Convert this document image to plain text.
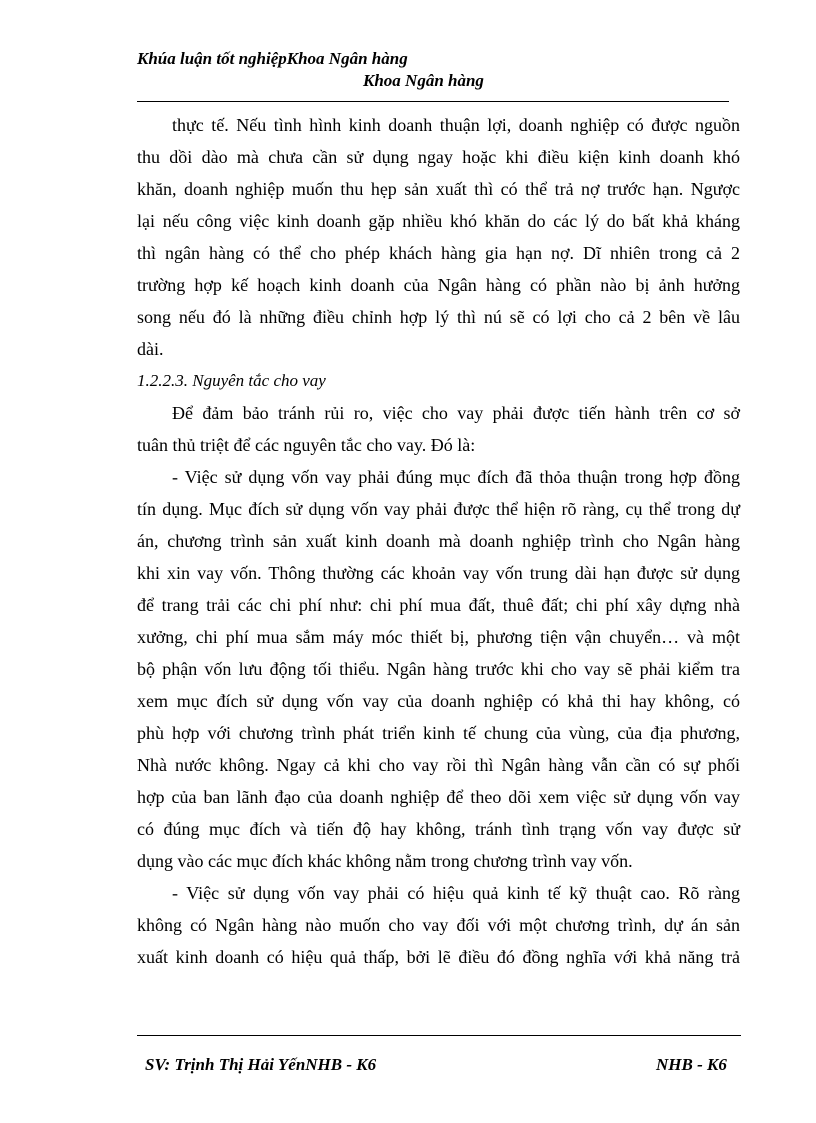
Khúa luận tốt nghiệpKhoa Ngân hàng
Khoa Ngân hàng
thực tế. Nếu tình hình kinh doanh thuận lợi, doanh nghiệp có được nguồn
thu dồi dào mà chưa cần sử dụng ngay hoặc khi điều kiện kinh doanh khó
khăn, doanh nghiệp muốn thu hẹp sản xuất thì có thể trả nợ trước hạn. Ngược
lại nếu công việc kinh doanh gặp nhiều khó khăn do các lý do bất khả kháng
thì ngân hàng có thể cho phép khách hàng gia hạn nợ. Dĩ nhiên trong cả 2
trường hợp kế hoạch kinh doanh của Ngân hàng có phần nào bị ảnh hưởng
song nếu đó là những điều chỉnh hợp lý thì nú sẽ có lợi cho cả 2 bên về lâu
dài.
1.2.2.3. Nguyên tắc cho vay
Để đảm bảo tránh rủi ro, việc cho vay phải được tiến hành trên cơ sở
tuân thủ triệt để các nguyên tắc cho vay. Đó là:
- Việc sử dụng vốn vay phải đúng mục đích đã thỏa thuận trong hợp đồng
tín dụng. Mục đích sử dụng vốn vay phải được thể hiện rõ ràng, cụ thể trong dự
án, chương trình sản xuất kinh doanh mà doanh nghiệp trình cho Ngân hàng
khi xin vay vốn. Thông thường các khoản vay vốn trung dài hạn được sử dụng
để trang trải các chi phí như: chi phí mua đất, thuê đất; chi phí xây dựng nhà
xưởng, chi phí mua sắm máy móc thiết bị, phương tiện vận chuyển… và một
bộ phận vốn lưu động tối thiểu. Ngân hàng trước khi cho vay sẽ phải kiểm tra
xem mục đích sử dụng vốn vay của doanh nghiệp có khả thi hay không, có
phù hợp với chương trình phát triển kinh tế chung của vùng, của địa phương,
Nhà nước không. Ngay cả khi cho vay rồi thì Ngân hàng vẫn cần có sự phối
hợp của ban lãnh đạo của doanh nghiệp để theo dõi xem việc sử dụng vốn vay
có đúng mục đích và tiến độ hay không, tránh tình trạng vốn vay được sử
dụng vào các mục đích khác không nằm trong chương trình vay vốn.
- Việc sử dụng vốn vay phải có hiệu quả kinh tế kỹ thuật cao. Rõ ràng
không có Ngân hàng nào muốn cho vay đối với một chương trình, dự án sản
xuất kinh doanh có hiệu quả thấp, bởi lẽ điều đó đồng nghĩa với khả năng trả
SV: Trịnh Thị Hải YếnNHB - K6	NHB - K6
